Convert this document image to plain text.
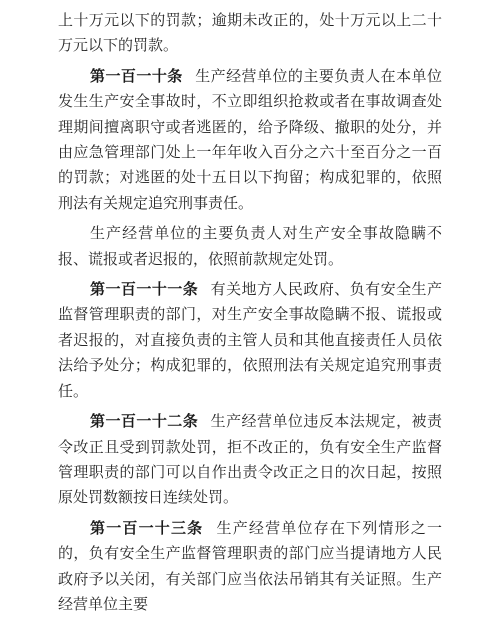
上十万元以下的罚款；逾期未改正的，处十万元以上二十万元以下的罚款。

第一百一十条 生产经营单位的主要负责人在本单位发生生产安全事故时，不立即组织抢救或者在事故调查处理期间擅离职守或者逃匿的，给予降级、撤职的处分，并由应急管理部门处上一年年收入百分之六十至百分之一百的罚款；对逃匿的处十五日以下拘留；构成犯罪的，依照刑法有关规定追究刑事责任。

生产经营单位的主要负责人对生产安全事故隐瞒不报、谎报或者迟报的，依照前款规定处罚。

第一百一十一条 有关地方人民政府、负有安全生产监督管理职责的部门，对生产安全事故隐瞒不报、谎报或者迟报的，对直接负责的主管人员和其他直接责任人员依法给予处分；构成犯罪的，依照刑法有关规定追究刑事责任。

第一百一十二条 生产经营单位违反本法规定，被责令改正且受到罚款处罚，拒不改正的，负有安全生产监督管理职责的部门可以自作出责令改正之日的次日起，按照原处罚数额按日连续处罚。

第一百一十三条 生产经营单位存在下列情形之一的，负有安全生产监督管理职责的部门应当提请地方人民政府予以关闭，有关部门应当依法吊销其有关证照。生产经营单位主要
